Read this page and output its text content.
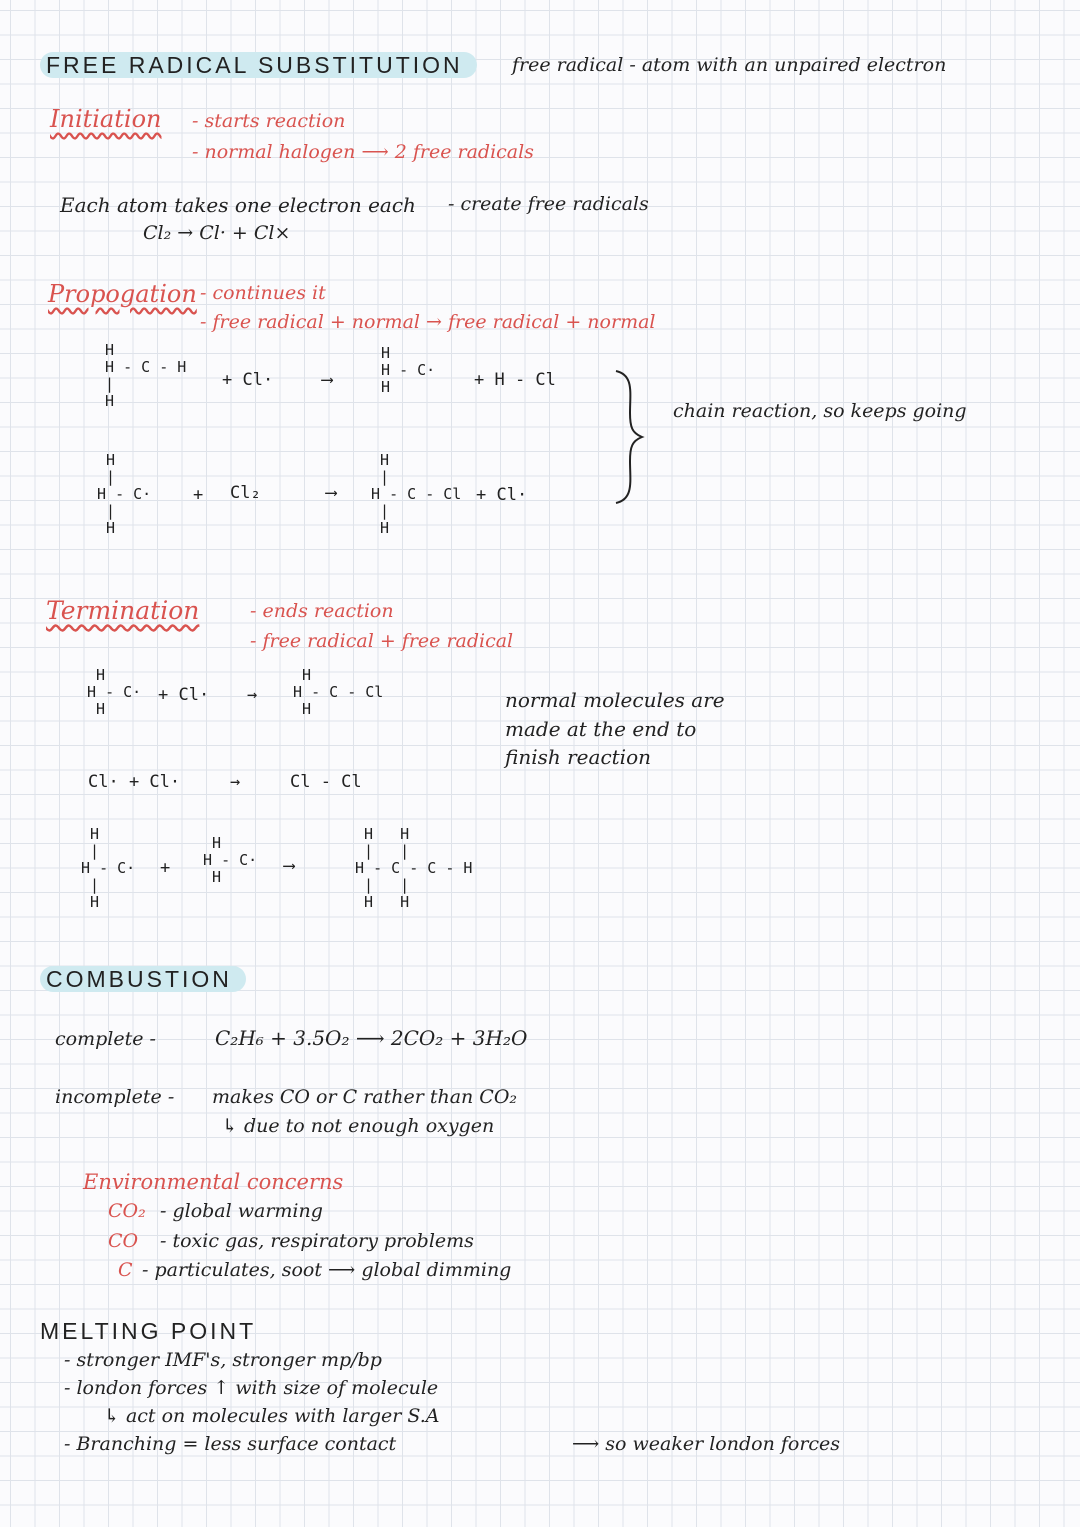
FREE RADICAL SUBSTITUTION	free radical - atom with an unpaired electron
Initiation - starts reaction
- normal halogen ⟶ 2 free radicals
Each atom takes one electron each - create free radicals
Cl₂ → Cl· + Cl×
Propogation - continues it
- free radical + normal → free radical + normal
H
H - C - H
|
H
+ Cl·	⟶
H
H - C·
H	+ H - Cl
H
|
H - C·
|
H
+ Cl₂	⟶
H
|
H - C - Cl
|
H
+ Cl·
chain reaction, so keeps going
Termination	- ends reaction
- free radical + free radical
H
H - C·
H
+ Cl· →
H
H - C - Cl
H	normal molecules are
made at the end to
finish reaction
Cl· + Cl·	→	Cl - Cl
H
|
H - C·
|
H
+
H
H - C·
H
⟶
H   H
|   |
H - C - C - H
|   |
H   H
COMBUSTION
complete -	C₂H₆ + 3.5O₂ ⟶ 2CO₂ + 3H₂O
incomplete - makes CO or C rather than CO₂
↳ due to not enough oxygen
Environmental concerns
CO₂ - global warming
CO - toxic gas, respiratory problems
C - particulates, soot ⟶ global dimming
MELTING POINT
- stronger IMF's, stronger mp/bp
- london forces ↑ with size of molecule
↳ act on molecules with larger S.A
- Branching = less surface contact	⟶ so weaker london forces
